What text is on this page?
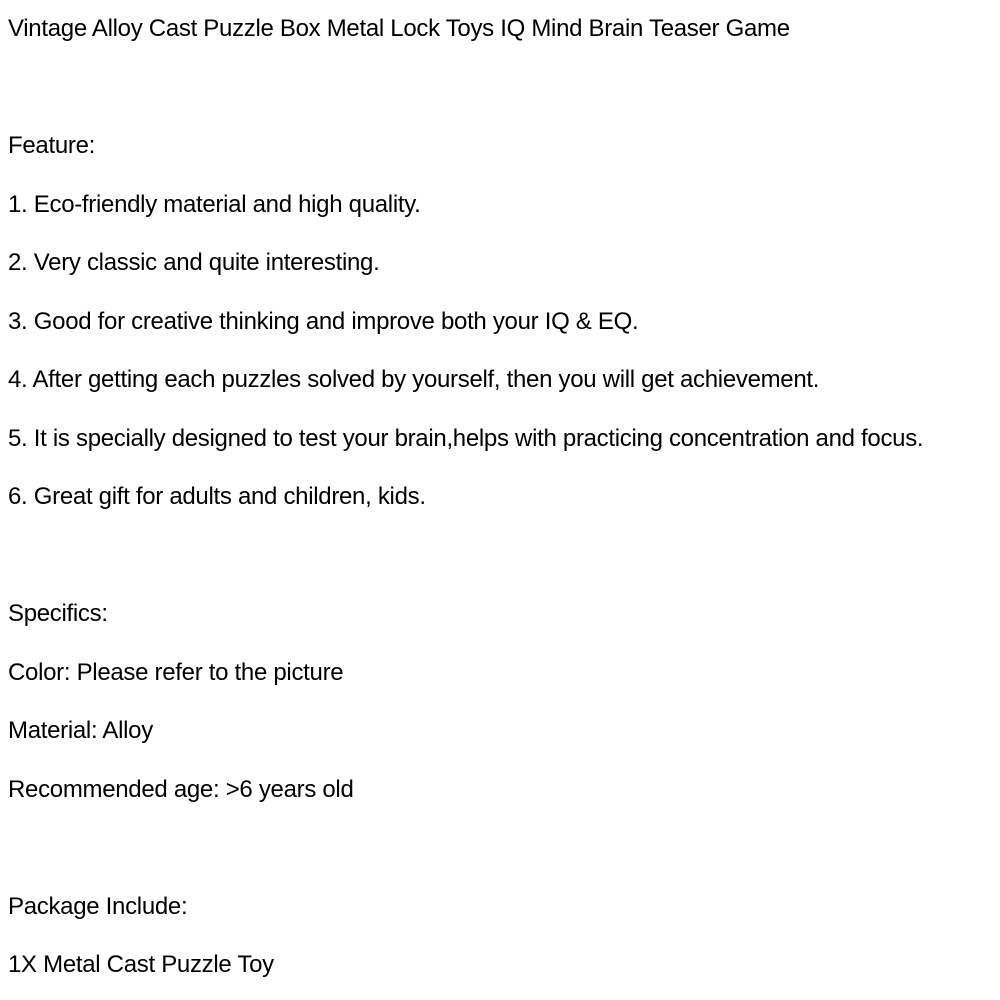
Vintage Alloy Cast Puzzle Box Metal Lock Toys IQ Mind Brain Teaser Game

Feature:

1. Eco-friendly material and high quality.

2. Very classic and quite interesting.

3. Good for creative thinking and improve both your IQ & EQ.

4. After getting each puzzles solved by yourself, then you will get achievement.

5. It is specially designed to test your brain,helps with practicing concentration and focus.

6. Great gift for adults and children, kids.

Specifics:

Color: Please refer to the picture

Material: Alloy

Recommended age: >6 years old

Package Include:

1X Metal Cast Puzzle Toy
